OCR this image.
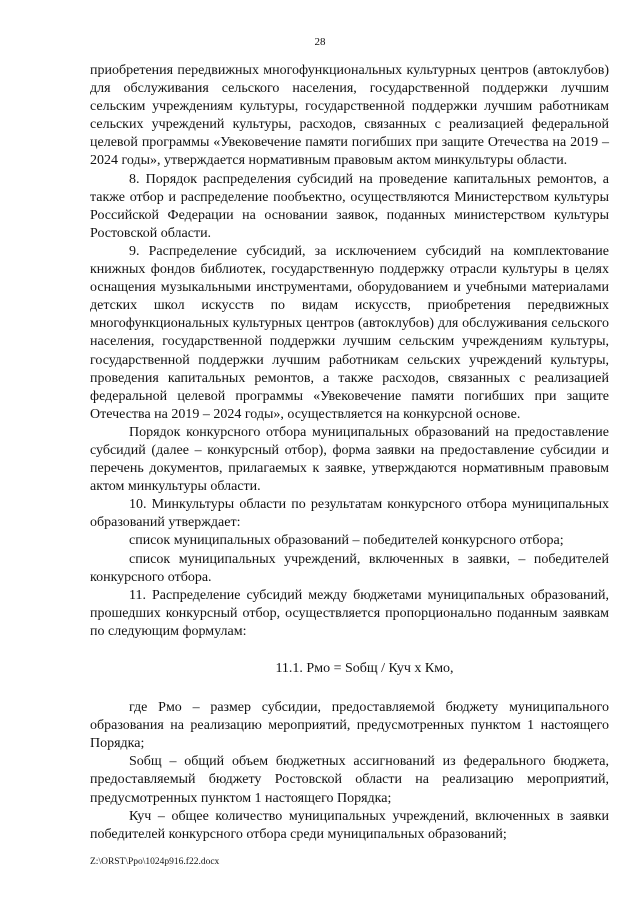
28

приобретения передвижных многофункциональных культурных центров (автоклубов) для обслуживания сельского населения, государственной поддержки лучшим сельским учреждениям культуры, государственной поддержки лучшим работникам сельских учреждений культуры, расходов, связанных с реализацией федеральной целевой программы «Увековечение памяти погибших при защите Отечества на 2019 – 2024 годы», утверждается нормативным правовым актом минкультуры области.

8. Порядок распределения субсидий на проведение капитальных ремонтов, а также отбор и распределение пообъектно, осуществляются Министерством культуры Российской Федерации на основании заявок, поданных министерством культуры Ростовской области.

9. Распределение субсидий, за исключением субсидий на комплектование книжных фондов библиотек, государственную поддержку отрасли культуры в целях оснащения музыкальными инструментами, оборудованием и учебными материалами детских школ искусств по видам искусств, приобретения передвижных многофункциональных культурных центров (автоклубов) для обслуживания сельского населения, государственной поддержки лучшим сельским учреждениям культуры, государственной поддержки лучшим работникам сельских учреждений культуры, проведения капитальных ремонтов, а также расходов, связанных с реализацией федеральной целевой программы «Увековечение памяти погибших при защите Отечества на 2019 – 2024 годы», осуществляется на конкурсной основе.

Порядок конкурсного отбора муниципальных образований на предоставление субсидий (далее – конкурсный отбор), форма заявки на предоставление субсидии и перечень документов, прилагаемых к заявке, утверждаются нормативным правовым актом минкультуры области.

10. Минкультуры области по результатам конкурсного отбора муниципальных образований утверждает:

список муниципальных образований – победителей конкурсного отбора;

список муниципальных учреждений, включенных в заявки, – победителей конкурсного отбора.

11. Распределение субсидий между бюджетами муниципальных образований, прошедших конкурсный отбор, осуществляется пропорционально поданным заявкам по следующим формулам:

11.1. Рмо = Sобщ / Куч х Кмо,

где Рмо – размер субсидии, предоставляемой бюджету муниципального образования на реализацию мероприятий, предусмотренных пунктом 1 настоящего Порядка;

Sобщ – общий объем бюджетных ассигнований из федерального бюджета, предоставляемый бюджету Ростовской области на реализацию мероприятий, предусмотренных пунктом 1 настоящего Порядка;

Куч – общее количество муниципальных учреждений, включенных в заявки победителей конкурсного отбора среди муниципальных образований;

Z:\ORST\Ppo\1024p916.f22.docx
